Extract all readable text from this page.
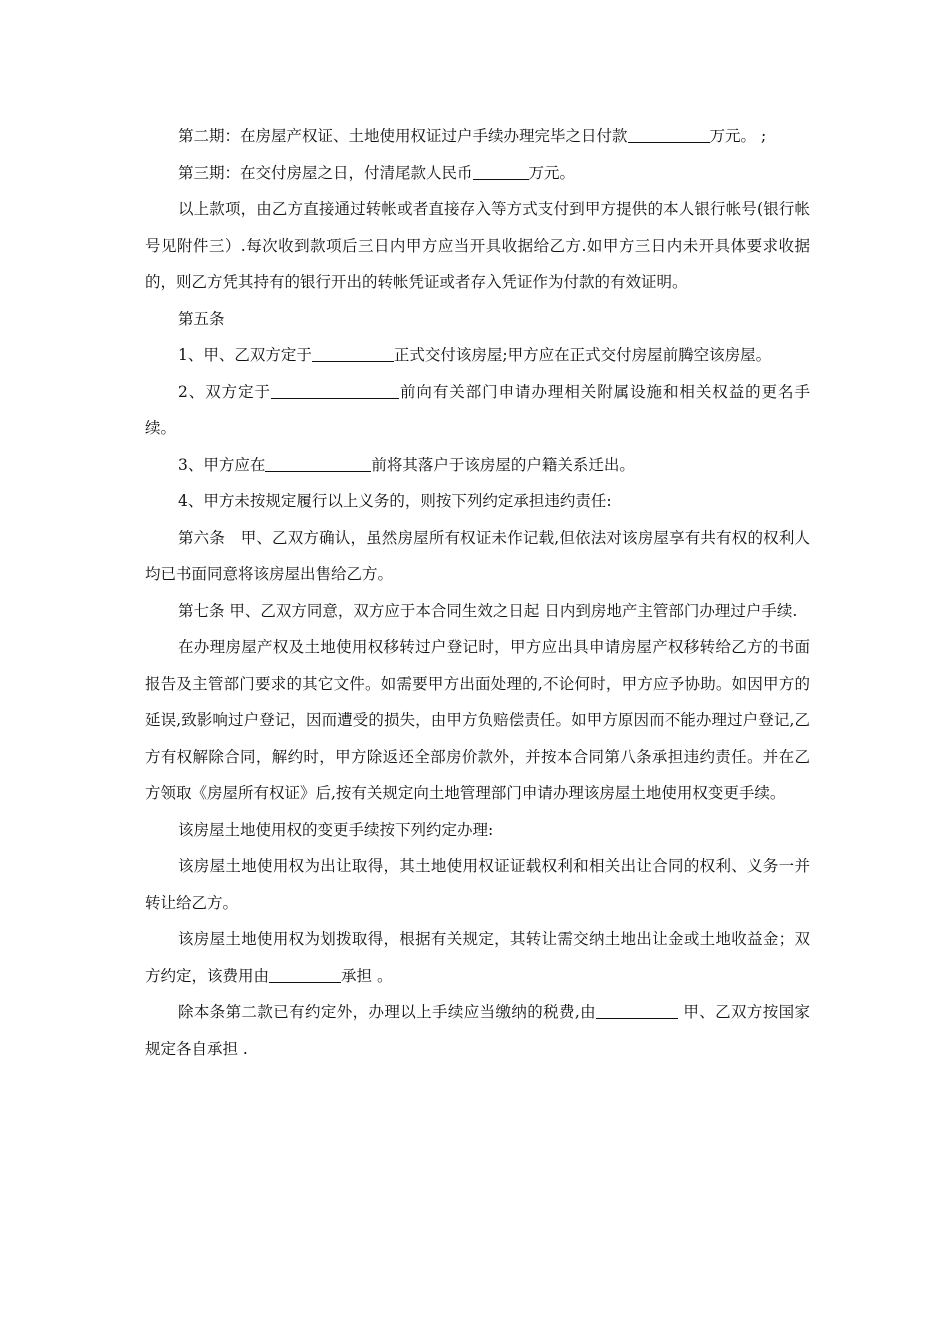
第二期：在房屋产权证、土地使用权证过户手续办理完毕之日付款	万元。 ;

第三期：在交付房屋之日，付清尾款人民币	万元。

以上款项，由乙方直接通过转帐或者直接存入等方式支付到甲方提供的本人银行帐号(银行帐号见附件三）.每次收到款项后三日内甲方应当开具收据给乙方.如甲方三日内未开具体要求收据的，则乙方凭其持有的银行开出的转帐凭证或者存入凭证作为付款的有效证明。

第五条

1、甲、乙双方定于	正式交付该房屋;甲方应在正式交付房屋前腾空该房屋。

2、双方定于	前向有关部门申请办理相关附属设施和相关权益的更名手续。

3、甲方应在	前将其落户于该房屋的户籍关系迁出。

4、甲方未按规定履行以上义务的，则按下列约定承担违约责任:

第六条　甲、乙双方确认，虽然房屋所有权证未作记载,但依法对该房屋享有共有权的权利人均已书面同意将该房屋出售给乙方。

第七条 甲、乙双方同意，双方应于本合同生效之日起 日内到房地产主管部门办理过户手续.

在办理房屋产权及土地使用权移转过户登记时，甲方应出具申请房屋产权移转给乙方的书面报告及主管部门要求的其它文件。如需要甲方出面处理的,不论何时，甲方应予协助。如因甲方的延误,致影响过户登记，因而遭受的损失，由甲方负赔偿责任。如甲方原因而不能办理过户登记,乙方有权解除合同，解约时，甲方除返还全部房价款外，并按本合同第八条承担违约责任。并在乙方领取《房屋所有权证》后,按有关规定向土地管理部门申请办理该房屋土地使用权变更手续。

该房屋土地使用权的变更手续按下列约定办理:

该房屋土地使用权为出让取得，其土地使用权证证载权利和相关出让合同的权利、义务一并转让给乙方。

该房屋土地使用权为划拨取得，根据有关规定，其转让需交纳土地出让金或土地收益金；双方约定，该费用由	承担 。

除本条第二款已有约定外，办理以上手续应当缴纳的税费,由	甲、乙双方按国家规定各自承担 .
